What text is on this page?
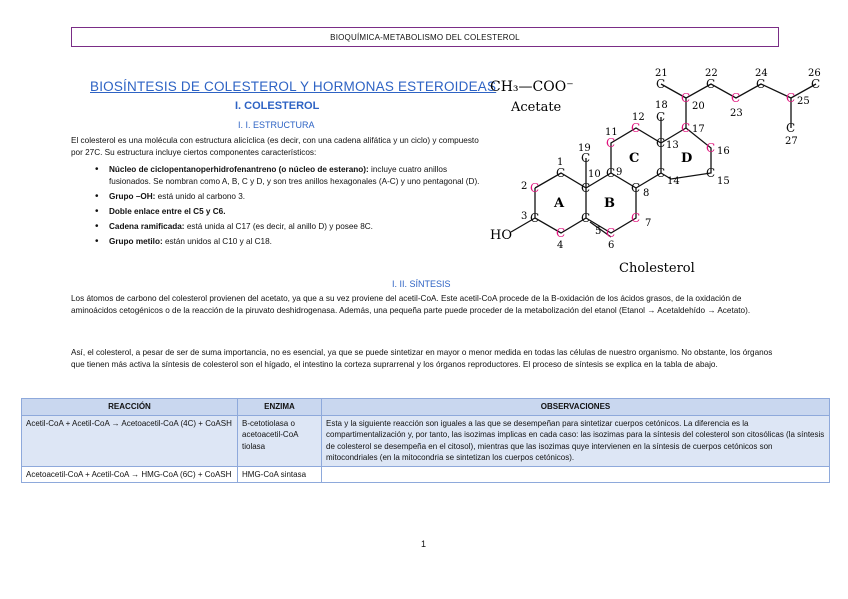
BIOQUÍMICA-METABOLISMO DEL COLESTEROL
BIOSÍNTESIS DE COLESTEROL Y HORMONAS ESTEROIDEAS
I. COLESTEROL
I. I. ESTRUCTURA
El colesterol es una molécula con estructura alicíclica (es decir, con una cadena alifática y un ciclo) y compuesto por 27C. Su estructura incluye ciertos componentes característicos:
• Núcleo de ciclopentanoperhidrofenantreno (o núcleo de esterano): incluye cuatro anillos fusionados. Se nombran como A, B, C y D, y son tres anillos hexagonales (A-C) y uno pentagonal (D).
• Grupo –OH: está unido al carbono 3.
• Doble enlace entre el C5 y C6.
• Cadena ramificada: está unida al C17 (es decir, al anillo D) y posee 8C.
• Grupo metilo: están unidos al C10 y al C18.
CH₃—COO⁻
Acetate
Cholesterol
HO
A	B
C	D
C
C
C
C
C
C
C
C
C
C
C
C
C
C
C
C
C
C
C
C
C	C
C
C
C
C
C
1
2
3
4
5
6
7
8
9
10
11
12
13
14	15
16
17
18
19
20
21	22
23
24
25
26
27
I. II. SÍNTESIS
Los átomos de carbono del colesterol provienen del acetato, ya que a su vez proviene del acetil-CoA. Este acetil-CoA procede de la B-oxidación de los ácidos grasos, de la oxidación de aminoácidos cetogénicos o de la reacción de la piruvato deshidrogenasa. Además, una pequeña parte puede proceder de la metabolización del etanol (Etanol → Acetaldehído → Acetato).
Así, el colesterol, a pesar de ser de suma importancia, no es esencial, ya que se puede sintetizar en mayor o menor medida en todas las células de nuestro organismo. No obstante, los órganos que tienen más activa la síntesis de colesterol son el hígado, el intestino la corteza suprarrenal y los órganos reproductores. El proceso de síntesis se explica en la tabla de abajo.
REACCIÓN	ENZIMA	OBSERVACIONES
Acetil-CoA + Acetil-CoA → Acetoacetil-CoA (4C) + CoASH	B-cetotiolasa o acetoacetil-CoA tiolasa	Esta y la siguiente reacción son iguales a las que se desempeñan para sintetizar cuerpos cetónicos. La diferencia es la compartimentalización y, por tanto, las isozimas implicas en cada caso: las isozimas para la síntesis del colesterol son citosólicas (la síntesis de colesterol se desempeña en el citosol), mientras que las isozimas quye intervienen en la síntesis de cuerpos cetónicos son mitocondriales (en la mitocondria se sintetizan los cuerpos cetónicos).
Acetoacetil-CoA + Acetil-CoA → HMG-CoA (6C) + CoASH	HMG-CoA sintasa	
1
